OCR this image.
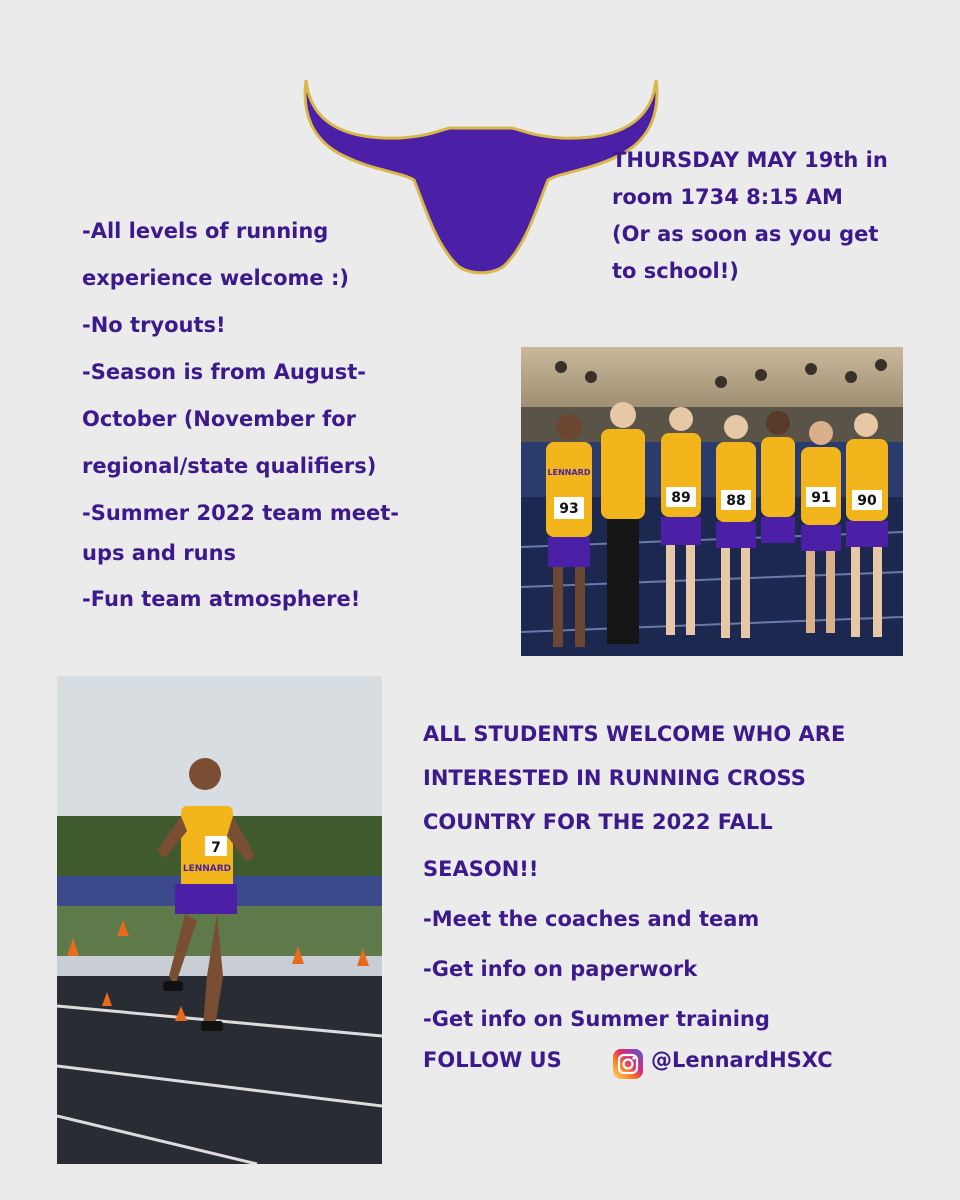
THURSDAY MAY 19th in

room 1734 8:15 AM

(Or as soon as you get

to school!)

-All levels of running

experience welcome :)

-No tryouts!

-Season is from August-

October (November for

regional/state qualifiers)

-Summer 2022 team meet-

ups and runs

-Fun team atmosphere!

93
89	88	91 90
LENNARD
7
LENNARD

ALL STUDENTS WELCOME WHO ARE

INTERESTED IN RUNNING CROSS

COUNTRY FOR THE 2022 FALL

SEASON!!

-Meet the coaches and team

-Get info on paperwork

-Get info on Summer training

FOLLOW US	@LennardHSXC
